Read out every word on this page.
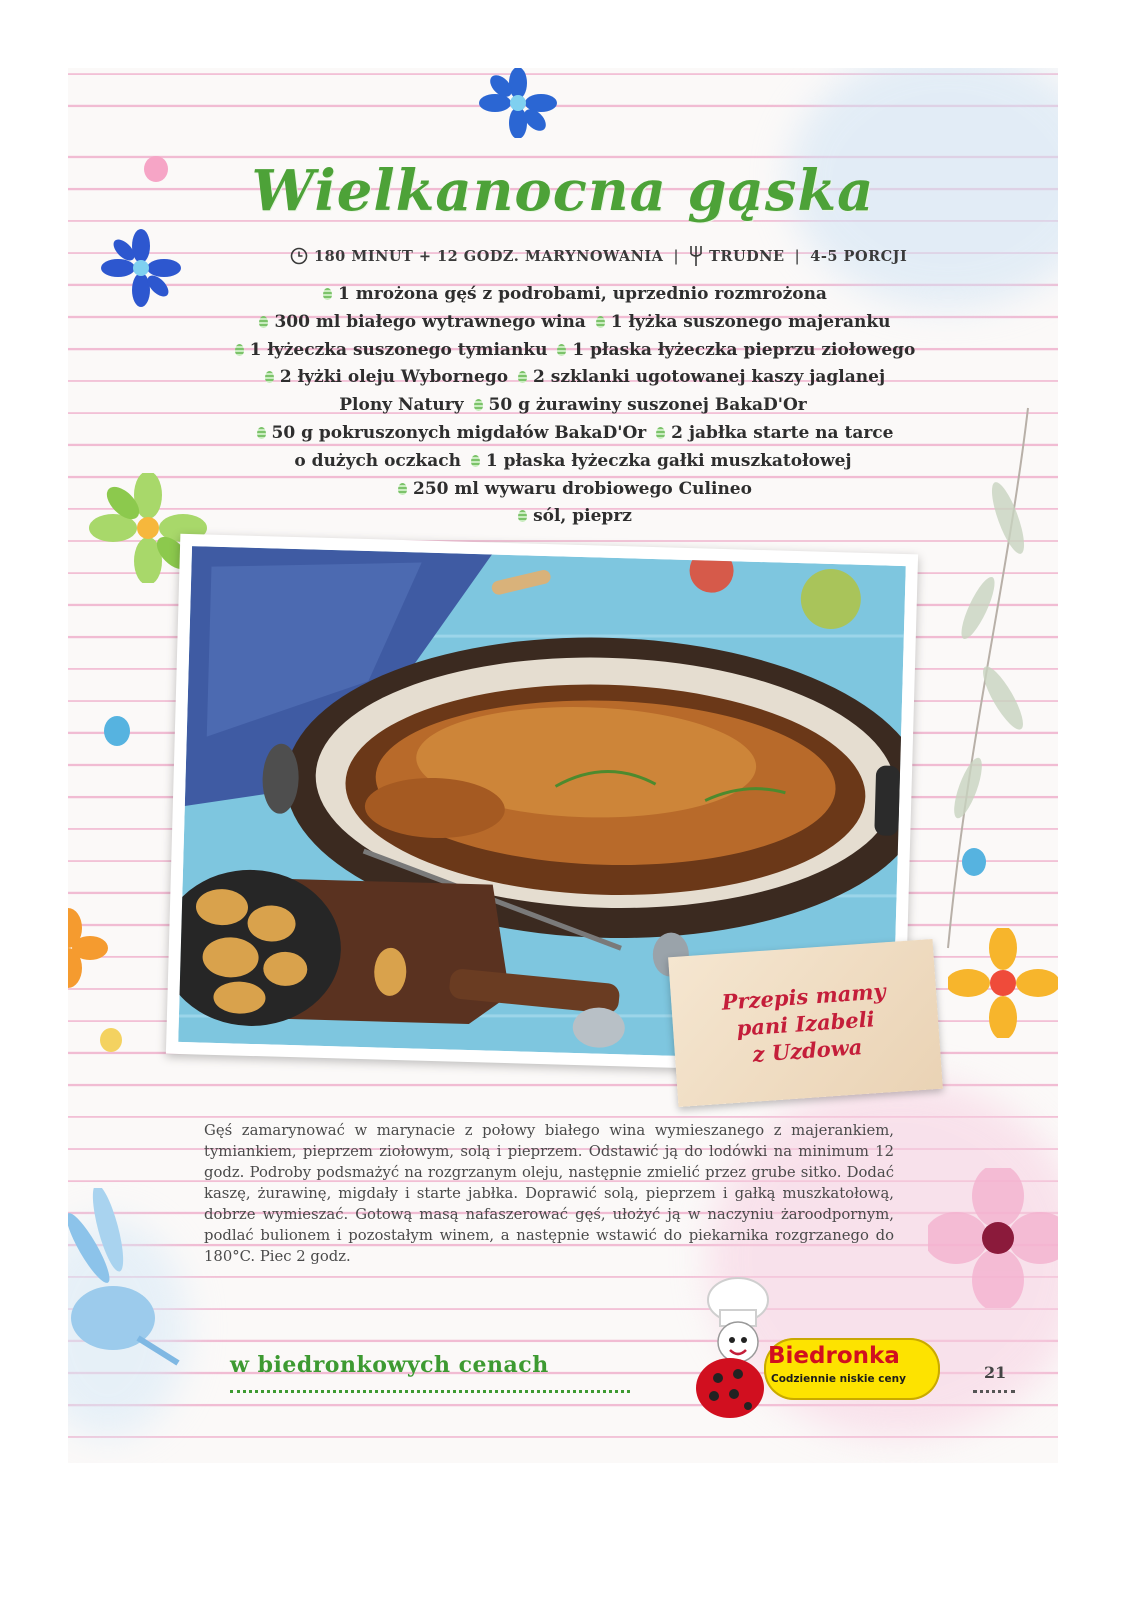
Wielkanocna gąska
180 MINUT + 12 GODZ. MARYNOWANIA | TRUDNE | 4-5 PORCJI
1 mrożona gęś z podrobami, uprzednio rozmrożona
300 ml białego wytrawnego wina 1 łyżka suszonego majeranku
1 łyżeczka suszonego tymianku 1 płaska łyżeczka pieprzu ziołowego
2 łyżki oleju Wybornego 2 szklanki ugotowanej kaszy jaglanej
Plony Natury 50 g żurawiny suszonej BakaD'Or
50 g pokruszonych migdałów BakaD'Or 2 jabłka starte na tarce
o dużych oczkach 1 płaska łyżeczka gałki muszkatołowej
250 ml wywaru drobiowego Culineo
sól, pieprz
Przepis mamy
pani Izabeli
z Uzdowa
Gęś zamarynować w marynacie z połowy białego wina wymieszanego z majerankiem, tymiankiem, pieprzem ziołowym, solą i pieprzem. Odstawić ją do lodówki na minimum 12 godz. Podroby podsmażyć na rozgrzanym oleju, następnie zmielić przez grube sitko. Dodać kaszę, żurawinę, migdały i starte jabłka. Doprawić solą, pieprzem i gałką muszkatołową, dobrze wymieszać. Gotową masą nafaszerować gęś, ułożyć ją w naczyniu żaroodpornym, podlać bulionem i pozostałym winem, a następnie wstawić do piekarnika rozgrzanego do 180°C. Piec 2 godz.
w biedronkowych cenach	21
Biedronka
Codziennie niskie ceny
